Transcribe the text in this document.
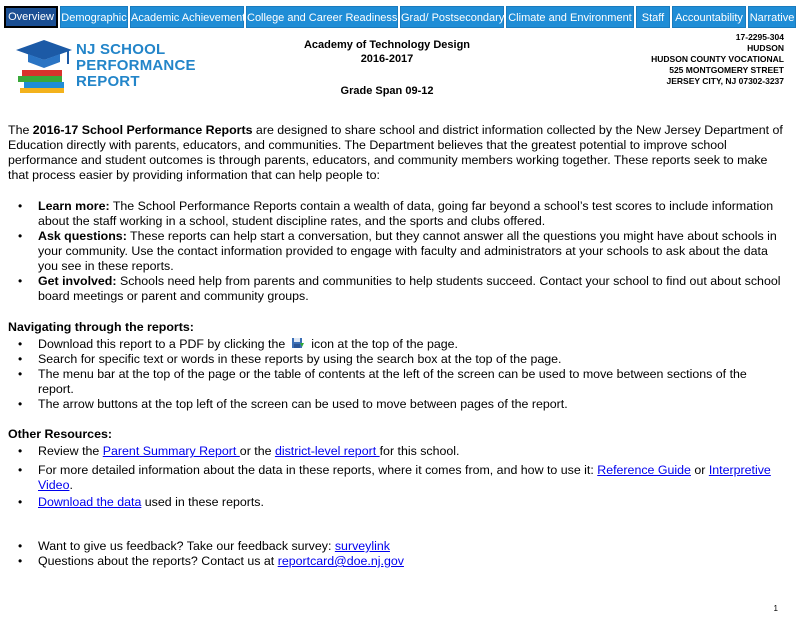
Overview Demographic Academic Achievement College and Career Readiness Grad/ Postsecondary Climate and Environment Staff Accountability Narrative
NJ SCHOOL
PERFORMANCE
REPORT
Academy of Technology Design
2016-2017
Grade Span 09-12
17-2295-304
HUDSON
HUDSON COUNTY VOCATIONAL
525 MONTGOMERY STREET
JERSEY CITY, NJ 07302-3237

The 2016-17 School Performance Reports are designed to share school and district information collected by the New Jersey Department of Education directly with parents, educators, and communities. The Department believes that the greatest potential to improve school performance and student outcomes is through parents, educators, and community members working together. These reports seek to make that process easier by providing information that can help people to:

• Learn more: The School Performance Reports contain a wealth of data, going far beyond a school’s test scores to include information about the staff working in a school, student discipline rates, and the sports and clubs offered.
• Ask questions: These reports can help start a conversation, but they cannot answer all the questions you might have about schools in your community. Use the contact information provided to engage with faculty and administrators at your schools to ask about the data you see in these reports.
• Get involved: Schools need help from parents and communities to help students succeed. Contact your school to find out about school board meetings or parent and community groups.
Navigating through the reports:
• Download this report to a PDF by clicking the icon at the top of the page.
• Search for specific text or words in these reports by using the search box at the top of the page.
• The menu bar at the top of the page or the table of contents at the left of the screen can be used to move between sections of the report.
• The arrow buttons at the top left of the screen can be used to move between pages of the report.
Other Resources:
• Review the Parent Summary Report or the district-level report for this school.
• For more detailed information about the data in these reports, where it comes from, and how to use it: Reference Guide or Interpretive Video.
• Download the data used in these reports.
• Want to give us feedback? Take our feedback survey: surveylink
• Questions about the reports? Contact us at reportcard@doe.nj.gov
1
